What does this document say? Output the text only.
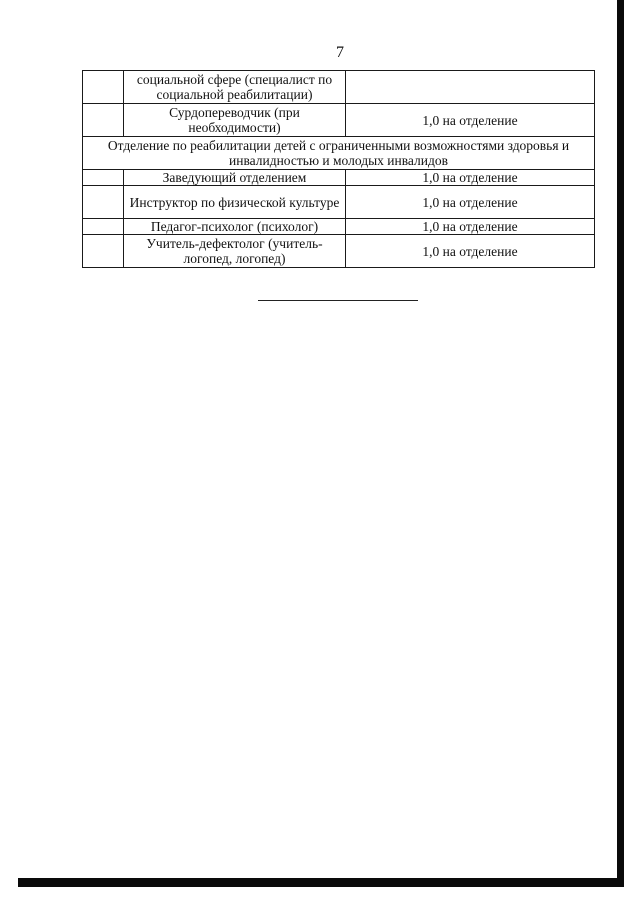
7
	социальной сфере (специалист по социальной реабилитации)	
	Сурдопереводчик (при необходимости)	1,0 на отделение
Отделение по реабилитации детей с ограниченными возможностями здоровья и инвалидностью и молодых инвалидов		
	Заведующий отделением	1,0 на отделение
	Инструктор по физической культуре	1,0 на отделение
	Педагог-психолог (психолог)	1,0 на отделение
	Учитель-дефектолог (учитель-логопед, логопед)	1,0 на отделение
